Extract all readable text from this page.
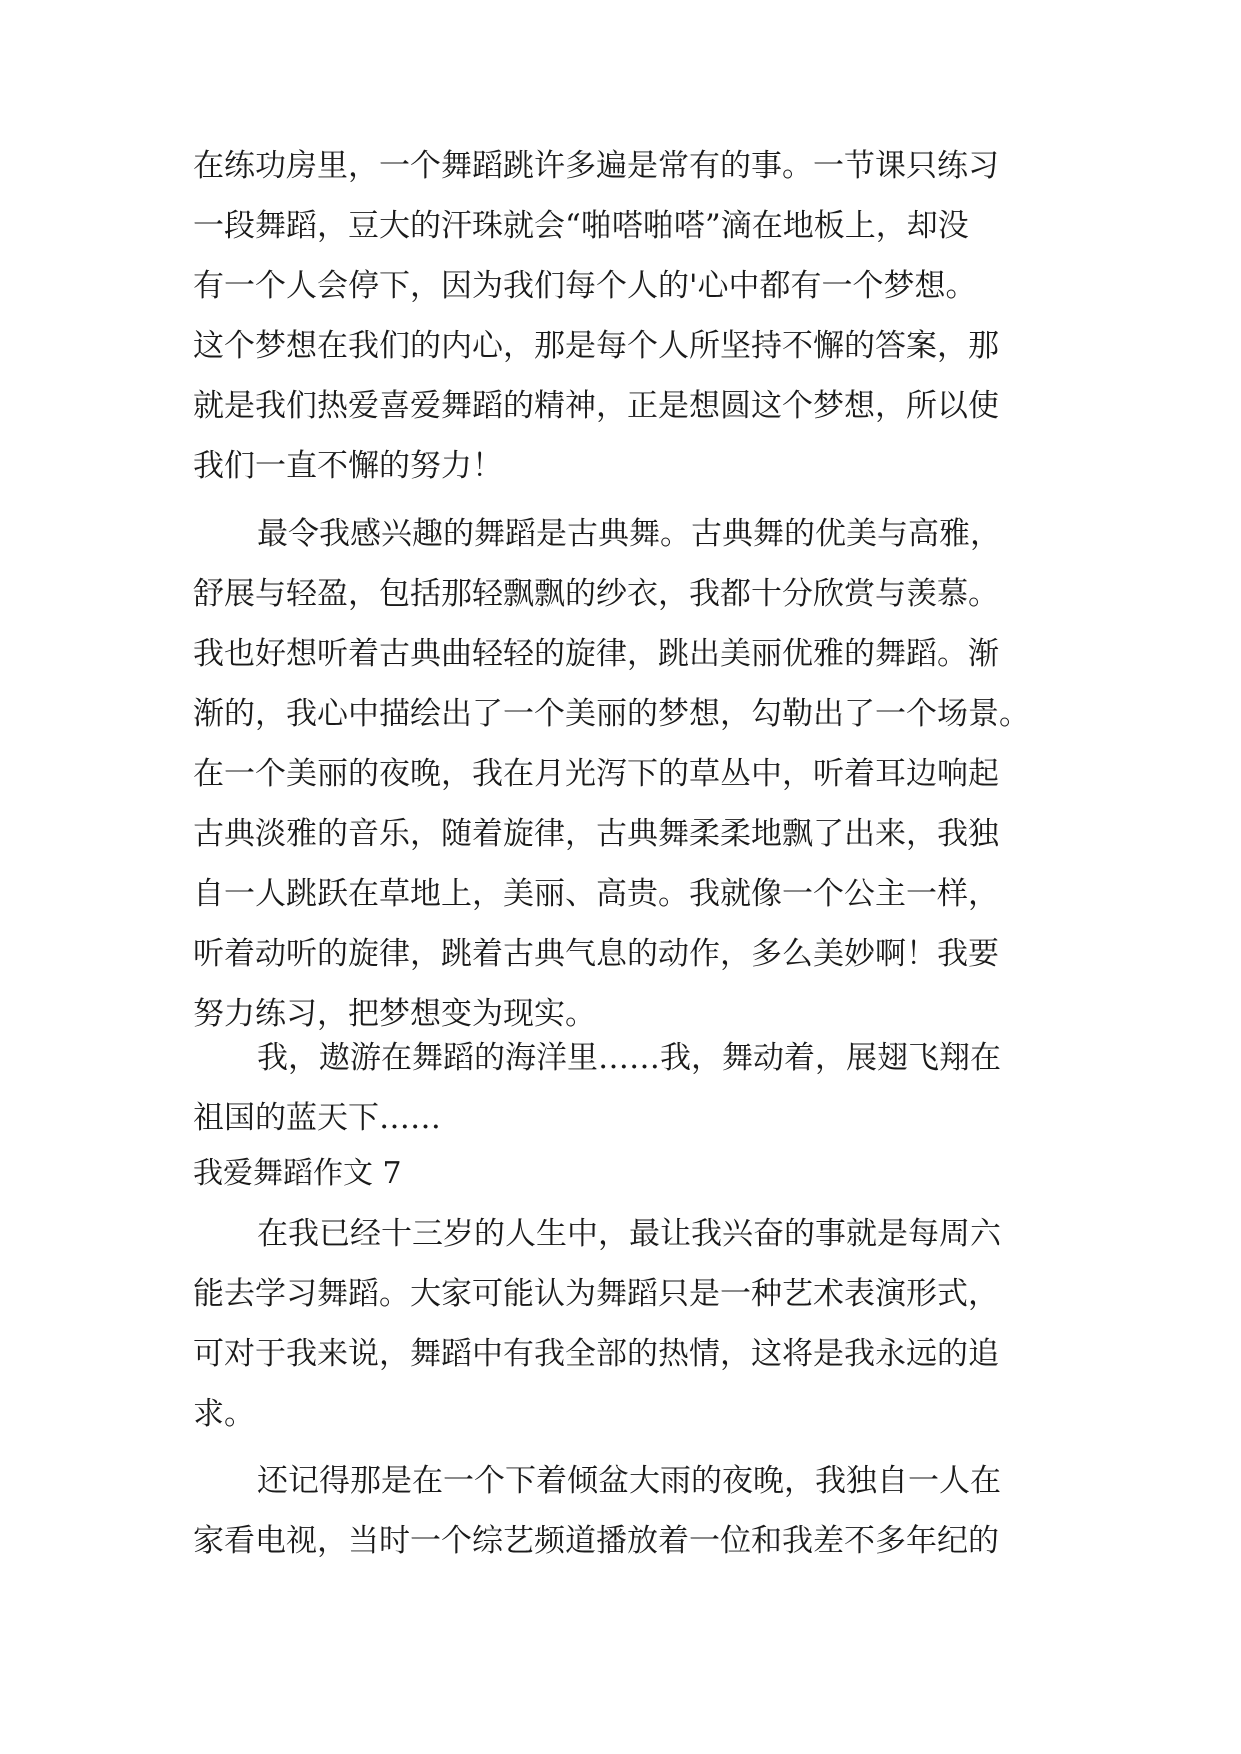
在练功房里，一个舞蹈跳许多遍是常有的事。一节课只练习
一段舞蹈，豆大的汗珠就会“啪嗒啪嗒”滴在地板上，却没
有一个人会停下，因为我们每个人的'心中都有一个梦想。
这个梦想在我们的内心，那是每个人所坚持不懈的答案，那
就是我们热爱喜爱舞蹈的精神，正是想圆这个梦想，所以使
我们一直不懈的努力！
最令我感兴趣的舞蹈是古典舞。古典舞的优美与高雅，
舒展与轻盈，包括那轻飘飘的纱衣，我都十分欣赏与羡慕。
我也好想听着古典曲轻轻的旋律，跳出美丽优雅的舞蹈。渐
渐的，我心中描绘出了一个美丽的梦想，勾勒出了一个场景。
在一个美丽的夜晚，我在月光泻下的草丛中，听着耳边响起
古典淡雅的音乐，随着旋律，古典舞柔柔地飘了出来，我独
自一人跳跃在草地上，美丽、高贵。我就像一个公主一样，
听着动听的旋律，跳着古典气息的动作，多么美妙啊！我要
努力练习，把梦想变为现实。
我，遨游在舞蹈的海洋里……我，舞动着，展翅飞翔在
祖国的蓝天下……
我爱舞蹈作文 7
在我已经十三岁的人生中，最让我兴奋的事就是每周六
能去学习舞蹈。大家可能认为舞蹈只是一种艺术表演形式，
可对于我来说，舞蹈中有我全部的热情，这将是我永远的追
求。
还记得那是在一个下着倾盆大雨的夜晚，我独自一人在
家看电视，当时一个综艺频道播放着一位和我差不多年纪的
